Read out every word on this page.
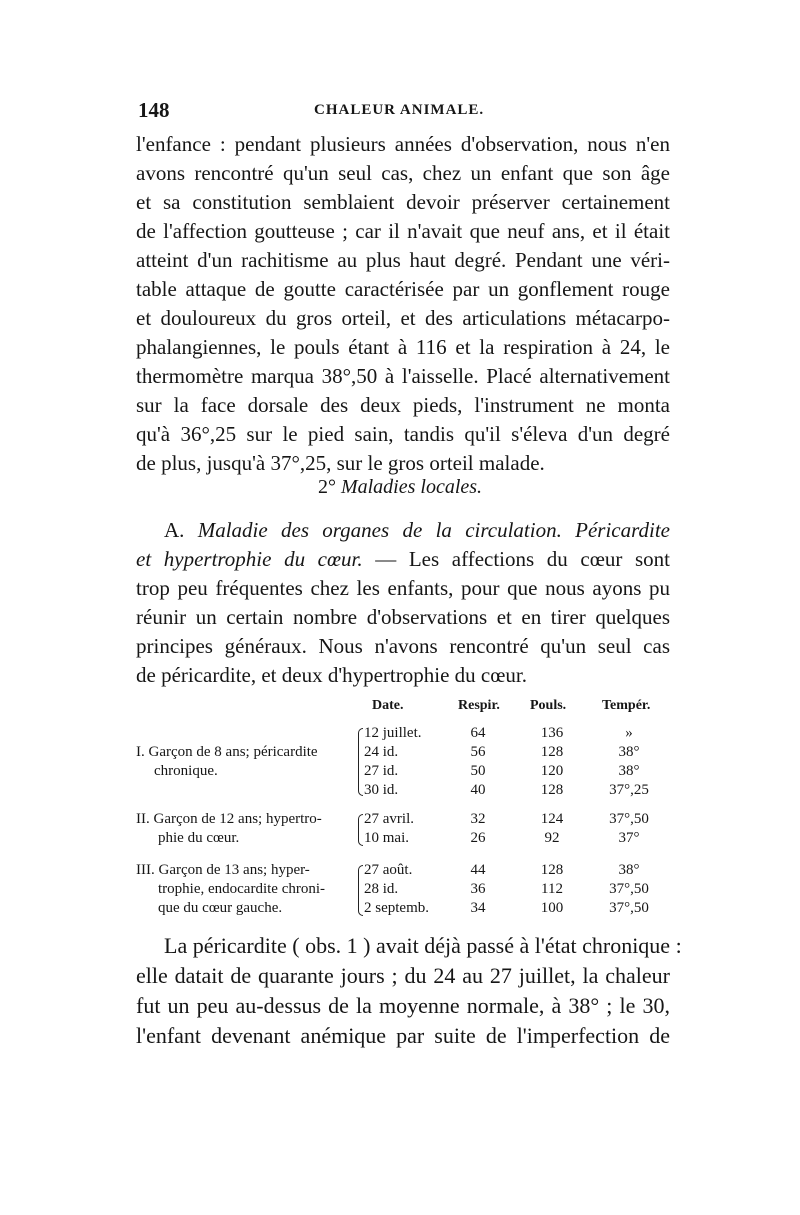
148	CHALEUR ANIMALE.
l'enfance : pendant plusieurs années d'observation, nous n'en
avons rencontré qu'un seul cas, chez un enfant que son âge
et sa constitution semblaient devoir préserver certainement
de l'affection goutteuse ; car il n'avait que neuf ans, et il était
atteint d'un rachitisme au plus haut degré. Pendant une véri-
table attaque de goutte caractérisée par un gonflement rouge
et douloureux du gros orteil, et des articulations métacarpo-
phalangiennes, le pouls étant à 116 et la respiration à 24, le
thermomètre marqua 38°,50 à l'aisselle. Placé alternativement
sur la face dorsale des deux pieds, l'instrument ne monta
qu'à 36°,25 sur le pied sain, tandis qu'il s'éleva d'un degré
de plus, jusqu'à 37°,25, sur le gros orteil malade.
2° Maladies locales.
A. Maladie des organes de la circulation. Péricardite
et hypertrophie du cœur. — Les affections du cœur sont
trop peu fréquentes chez les enfants, pour que nous ayons pu
réunir un certain nombre d'observations et en tirer quelques
principes généraux. Nous n'avons rencontré qu'un seul cas
de péricardite, et deux d'hypertrophie du cœur.
Date.	Respir. Pouls.	Tempér.
I. Garçon de 8 ans; péricardite
chronique.
12 juillet.	64	136	»
24 id.	56	128	38°
27 id.	50	120	38°
30 id.	40	128	37°,25
II. Garçon de 12 ans; hypertro-
phie du cœur.
27 avril.	32	124	37°,50
10 mai.	26	92	37°
III. Garçon de 13 ans; hyper-
trophie, endocardite chroni-
que du cœur gauche.
27 août.	44	128	38°
28 id.	36	112	37°,50
2 septemb.	34	100	37°,50
La péricardite ( obs. 1 ) avait déjà passé à l'état chronique :
elle datait de quarante jours ; du 24 au 27 juillet, la chaleur
fut un peu au-dessus de la moyenne normale, à 38° ; le 30,
l'enfant devenant anémique par suite de l'imperfection de
